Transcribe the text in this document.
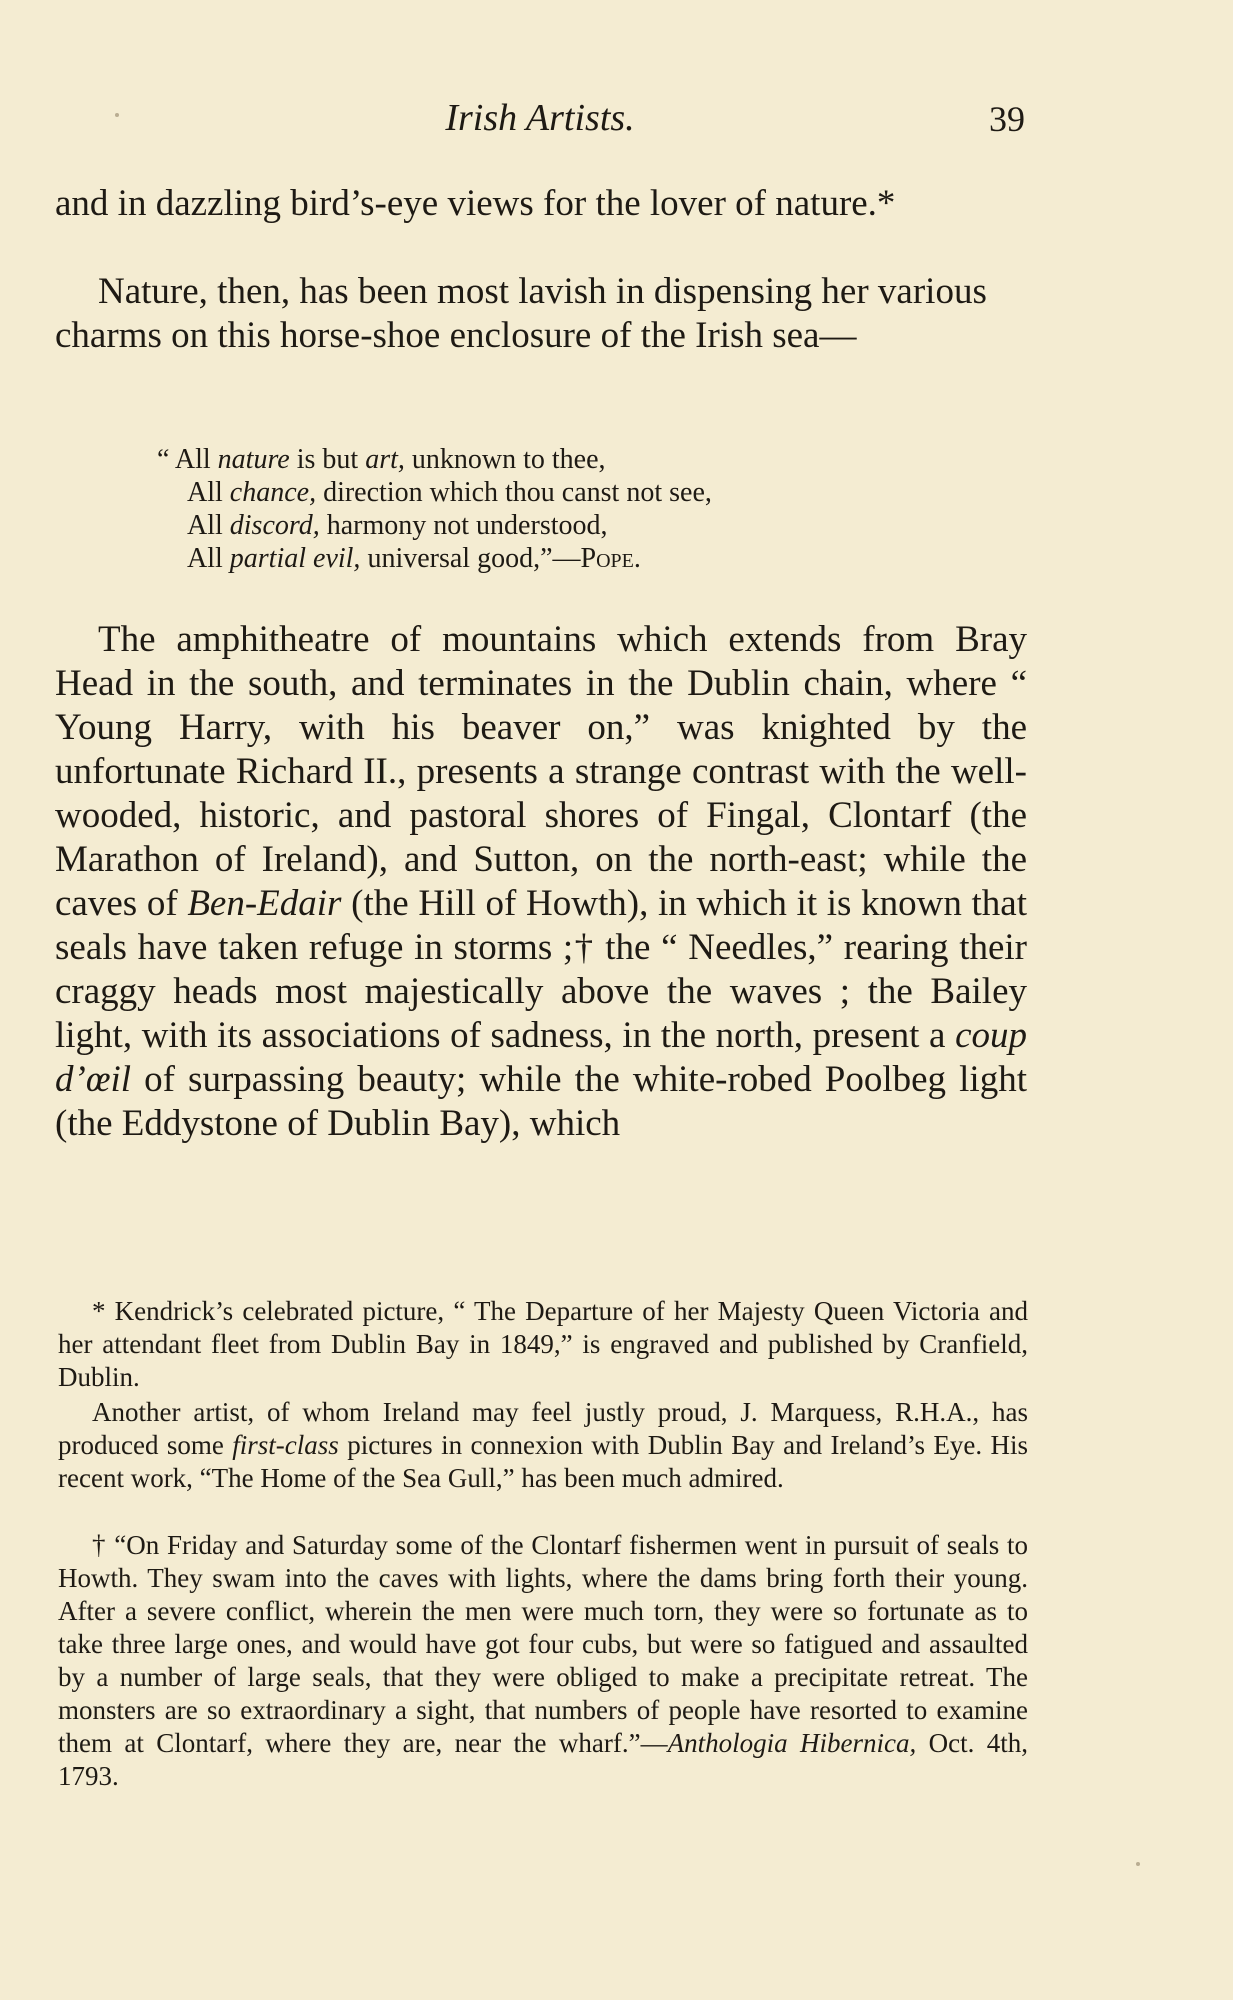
Irish Artists.	39

and in dazzling bird’s-eye views for the lover of nature.*

Nature, then, has been most lavish in dispensing her various charms on this horse-shoe enclosure of the Irish sea—

“ All nature is but art, unknown to thee,
All chance, direction which thou canst not see,
All discord, harmony not understood,
All partial evil, universal good,”—Pope.

The amphitheatre of mountains which extends from Bray Head in the south, and terminates in the Dublin chain, where “ Young Harry, with his beaver on,” was knighted by the unfortunate Richard II., presents a strange contrast with the well-wooded, historic, and pastoral shores of Fingal, Clontarf (the Marathon of Ireland), and Sutton, on the north-east; while the caves of Ben-Edair (the Hill of Howth), in which it is known that seals have taken refuge in storms ;† the “ Needles,” rearing their craggy heads most majestically above the waves ; the Bailey light, with its associations of sadness, in the north, present a coup d’œil of surpassing beauty; while the white-robed Poolbeg light (the Eddystone of Dublin Bay), which

* Kendrick’s celebrated picture, “ The Departure of her Majesty Queen Victoria and her attendant fleet from Dublin Bay in 1849,” is engraved and published by Cranfield, Dublin.

Another artist, of whom Ireland may feel justly proud, J. Marquess, R.H.A., has produced some first-class pictures in connexion with Dublin Bay and Ireland’s Eye. His recent work, “The Home of the Sea Gull,” has been much admired.

† “On Friday and Saturday some of the Clontarf fishermen went in pursuit of seals to Howth. They swam into the caves with lights, where the dams bring forth their young. After a severe conflict, wherein the men were much torn, they were so fortunate as to take three large ones, and would have got four cubs, but were so fatigued and assaulted by a number of large seals, that they were obliged to make a precipitate retreat. The monsters are so extraordinary a sight, that numbers of people have resorted to examine them at Clontarf, where they are, near the wharf.”—Anthologia Hibernica, Oct. 4th, 1793.
